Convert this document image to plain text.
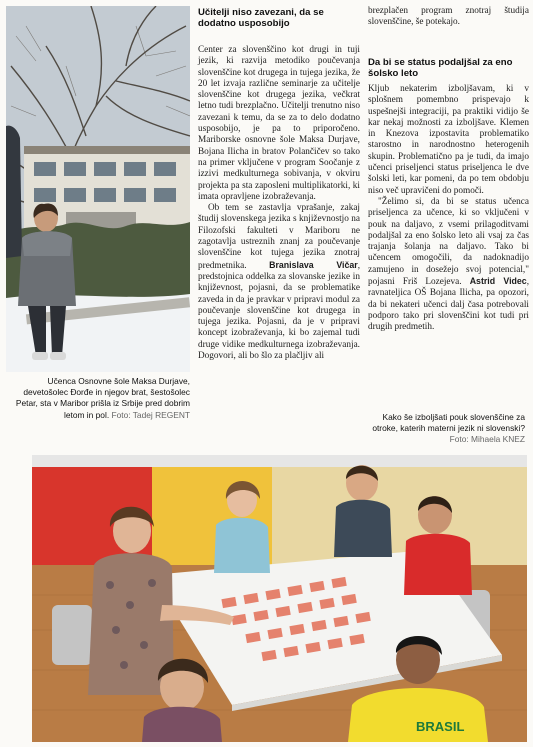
Učenca Osnovne šole Maksa Durjave, devetošolec Đorđe in njegov brat, šestošolec Petar, sta v Maribor prišla iz Srbije pred dobrim letom in pol. Foto: Tadej REGENT
Učitelji niso zavezani, da se dodatno usposobijo

Center za slovenščino kot drugi in tuji jezik, ki razvija metodiko poučevanja slovenščine kot drugega in tujega jezika, že 20 let izvaja različne seminarje za učitelje slovenščine kot drugega jezika, večkrat letno tudi brezplačno. Učitelji trenutno niso zavezani k temu, da se za to delo dodatno usposobijo, je pa to priporočeno. Mariborske osnovne šole Maksa Durjave, Bojana Ilicha in bratov Polančičev so tako na primer vključene v program Soočanje z izzivi medkulturnega sobivanja, v okviru projekta pa sta zaposleni multiplikatorki, ki imata opravljene izobraževanja.

Ob tem se zastavlja vprašanje, zakaj študij slovenskega jezika s književnostjo na Filozofski fakulteti v Mariboru ne zagotavlja ustreznih znanj za poučevanje slovenščine kot tujega jezika znotraj predmetnika.	Branislava Vičar, predstojnica oddelka za slovanske jezike in književnost, pojasni, da se problematike zaveda in da je pravkar v pripravi modul za poučevanje slovenščine kot drugega in tujega jezika. Pojasni, da je v pripravi koncept izobraževanja, ki bo zajemal tudi druge vidike medkulturnega izobraževanja. Dogovori, ali bo šlo za plačljiv ali

brezplačen program znotraj študija slovenščine, še potekajo.
Da bi se status podaljšal za eno šolsko leto

Kljub nekaterim izboljšavam, ki v splošnem pomembno prispevajo k uspešnejši integraciji, pa praktiki vidijo še kar nekaj možnosti za izboljšave. Klemen in Knezova izpostavita problematiko starostno in narodnostno heterogenih skupin. Problematično pa je tudi, da imajo učenci priseljenci status priseljenca le dve šolski leti, kar pomeni, da po tem obdobju niso več upravičeni do pomoči.

"Želimo si, da bi se status učenca priseljenca za učence, ki so vključeni v pouk na daljavo, z vsemi prilagoditvami podaljšal za eno šolsko leto ali vsaj za čas trajanja šolanja na daljavo. Tako bi učencem omogočili, da nadoknadijo zamujeno in dosežejo svoj potencial," pojasni Friš Lozejeva. Astrid Videc, ravnateljica OŠ Bojana Ilicha, pa opozori, da bi nekateri učenci dalj časa potrebovali podporo tako pri slovenščini kot tudi pri drugih predmetih.

Kako še izboljšati pouk slovenščine za otroke, katerih materni jezik ni slovenski? Foto: Mihaela KNEZ
BRASIL
